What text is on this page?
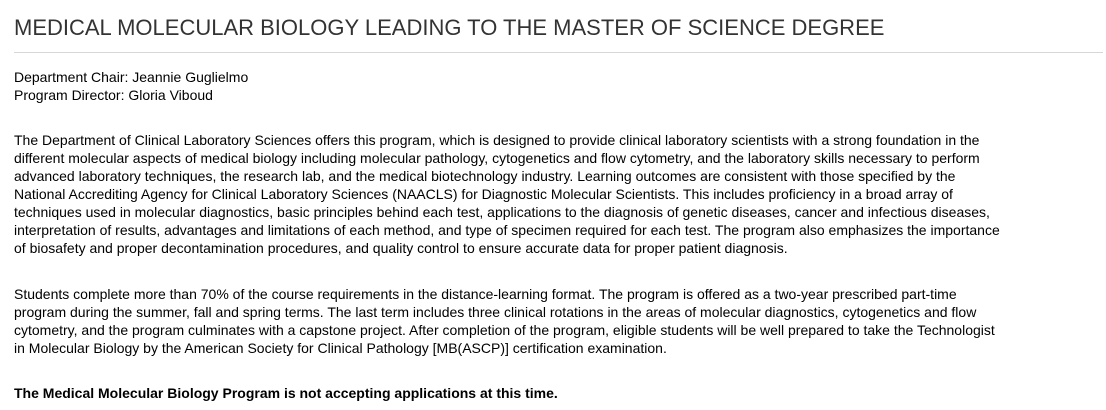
MEDICAL MOLECULAR BIOLOGY LEADING TO THE MASTER OF SCIENCE DEGREE
Department Chair: Jeannie Guglielmo
Program Director: Gloria Viboud

The Department of Clinical Laboratory Sciences offers this program, which is designed to provide clinical laboratory scientists with a strong foundation in the
different molecular aspects of medical biology including molecular pathology, cytogenetics and flow cytometry, and the laboratory skills necessary to perform
advanced laboratory techniques, the research lab, and the medical biotechnology industry. Learning outcomes are consistent with those specified by the
National Accrediting Agency for Clinical Laboratory Sciences (NAACLS) for Diagnostic Molecular Scientists. This includes proficiency in a broad array of
techniques used in molecular diagnostics, basic principles behind each test, applications to the diagnosis of genetic diseases, cancer and infectious diseases,
interpretation of results, advantages and limitations of each method, and type of specimen required for each test. The program also emphasizes the importance
of biosafety and proper decontamination procedures, and quality control to ensure accurate data for proper patient diagnosis.

Students complete more than 70% of the course requirements in the distance-learning format. The program is offered as a two-year prescribed part-time
program during the summer, fall and spring terms. The last term includes three clinical rotations in the areas of molecular diagnostics, cytogenetics and flow
cytometry, and the program culminates with a capstone project. After completion of the program, eligible students will be well prepared to take the Technologist
in Molecular Biology by the American Society for Clinical Pathology [MB(ASCP)] certification examination.

The Medical Molecular Biology Program is not accepting applications at this time.
